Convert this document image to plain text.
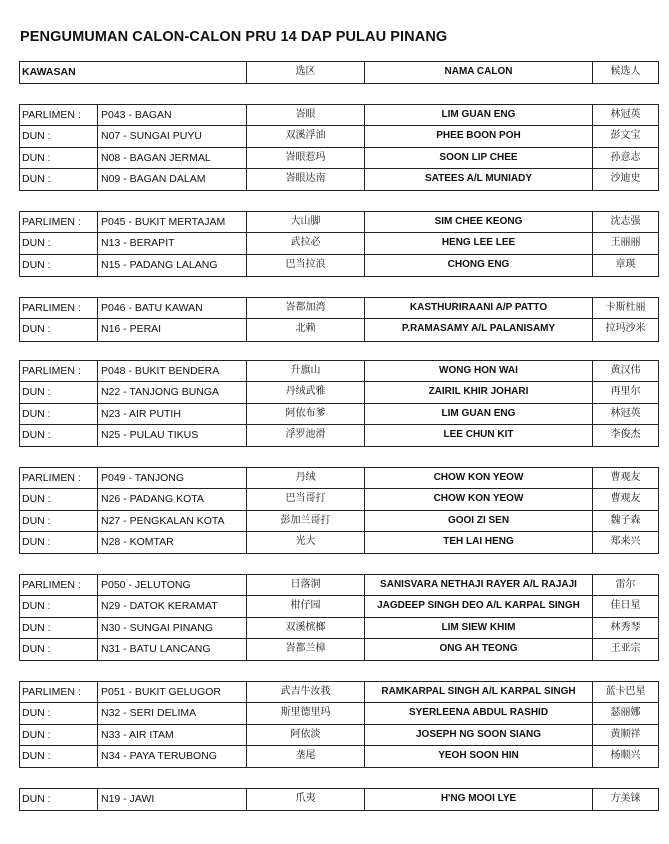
PENGUMUMAN CALON-CALON PRU 14 DAP PULAU PINANG
KAWASAN	选区	NAMA CALON	候选人
PARLIMEN :	P043 - BAGAN	峇眼	LIM GUAN ENG	林冠英
DUN :	N07 - SUNGAI PUYU	双溪浮油	PHEE BOON POH	彭文宝
DUN :	N08 - BAGAN JERMAL	峇眼惹玛	SOON LIP CHEE	孙意志
DUN :	N09 - BAGAN DALAM	峇眼达南	SATEES A/L MUNIADY	沙迪史
PARLIMEN :	P045 - BUKIT MERTAJAM	大山脚	SIM CHEE KEONG	沈志强
DUN :	N13 - BERAPIT	武拉必	HENG LEE LEE	王丽丽
DUN :	N15 - PADANG LALANG	巴当拉浪	CHONG ENG	章瑛
PARLIMEN :	P046 - BATU KAWAN	峇都加湾	KASTHURIRAANI A/P PATTO	卡斯杜丽
DUN :	N16 - PERAI	北赖	P.RAMASAMY A/L PALANISAMY	拉玛沙米
PARLIMEN :	P048 - BUKIT BENDERA	升旗山	WONG HON WAI	黄汉伟
DUN :	N22 - TANJONG BUNGA	丹绒武雅	ZAIRIL KHIR JOHARI	再里尔
DUN :	N23 - AIR PUTIH	阿依布爹	LIM GUAN ENG	林冠英
DUN :	N25 - PULAU TIKUS	浮罗池滑	LEE CHUN KIT	李俊杰
PARLIMEN :	P049 - TANJONG	丹绒	CHOW KON YEOW	曹观友
DUN :	N26 - PADANG KOTA	巴当哥打	CHOW KON YEOW	曹观友
DUN :	N27 - PENGKALAN KOTA	彭加兰哥打	GOOI ZI SEN	魏子森
DUN :	N28 - KOMTAR	光大	TEH LAI HENG	郑来兴
PARLIMEN :	P050 - JELUTONG	日落洞	SANISVARA NETHAJI RAYER A/L RAJAJI	雷尔
DUN :	N29 - DATOK KERAMAT	柑仔园	JAGDEEP SINGH DEO A/L KARPAL SINGH	佳日星
DUN :	N30 - SUNGAI PINANG	双溪槟榔	LIM SIEW KHIM	林秀琴
DUN :	N31 - BATU LANCANG	峇都兰樟	ONG AH TEONG	王亚宗
PARLIMEN :	P051 - BUKIT GELUGOR	武吉牛汝莪	RAMKARPAL SINGH A/L KARPAL SINGH	蓝卡巴星
DUN :	N32 - SERI DELIMA	斯里德里玛	SYERLEENA ABDUL RASHID	瑟丽娜
DUN :	N33 - AIR ITAM	阿依淡	JOSEPH NG SOON SIANG	黄顺祥
DUN :	N34 - PAYA TERUBONG	垄尾	YEOH SOON HIN	杨顺兴
DUN :	N19 - JAWI	爪夷	H'NG MOOI LYE	方美铼
